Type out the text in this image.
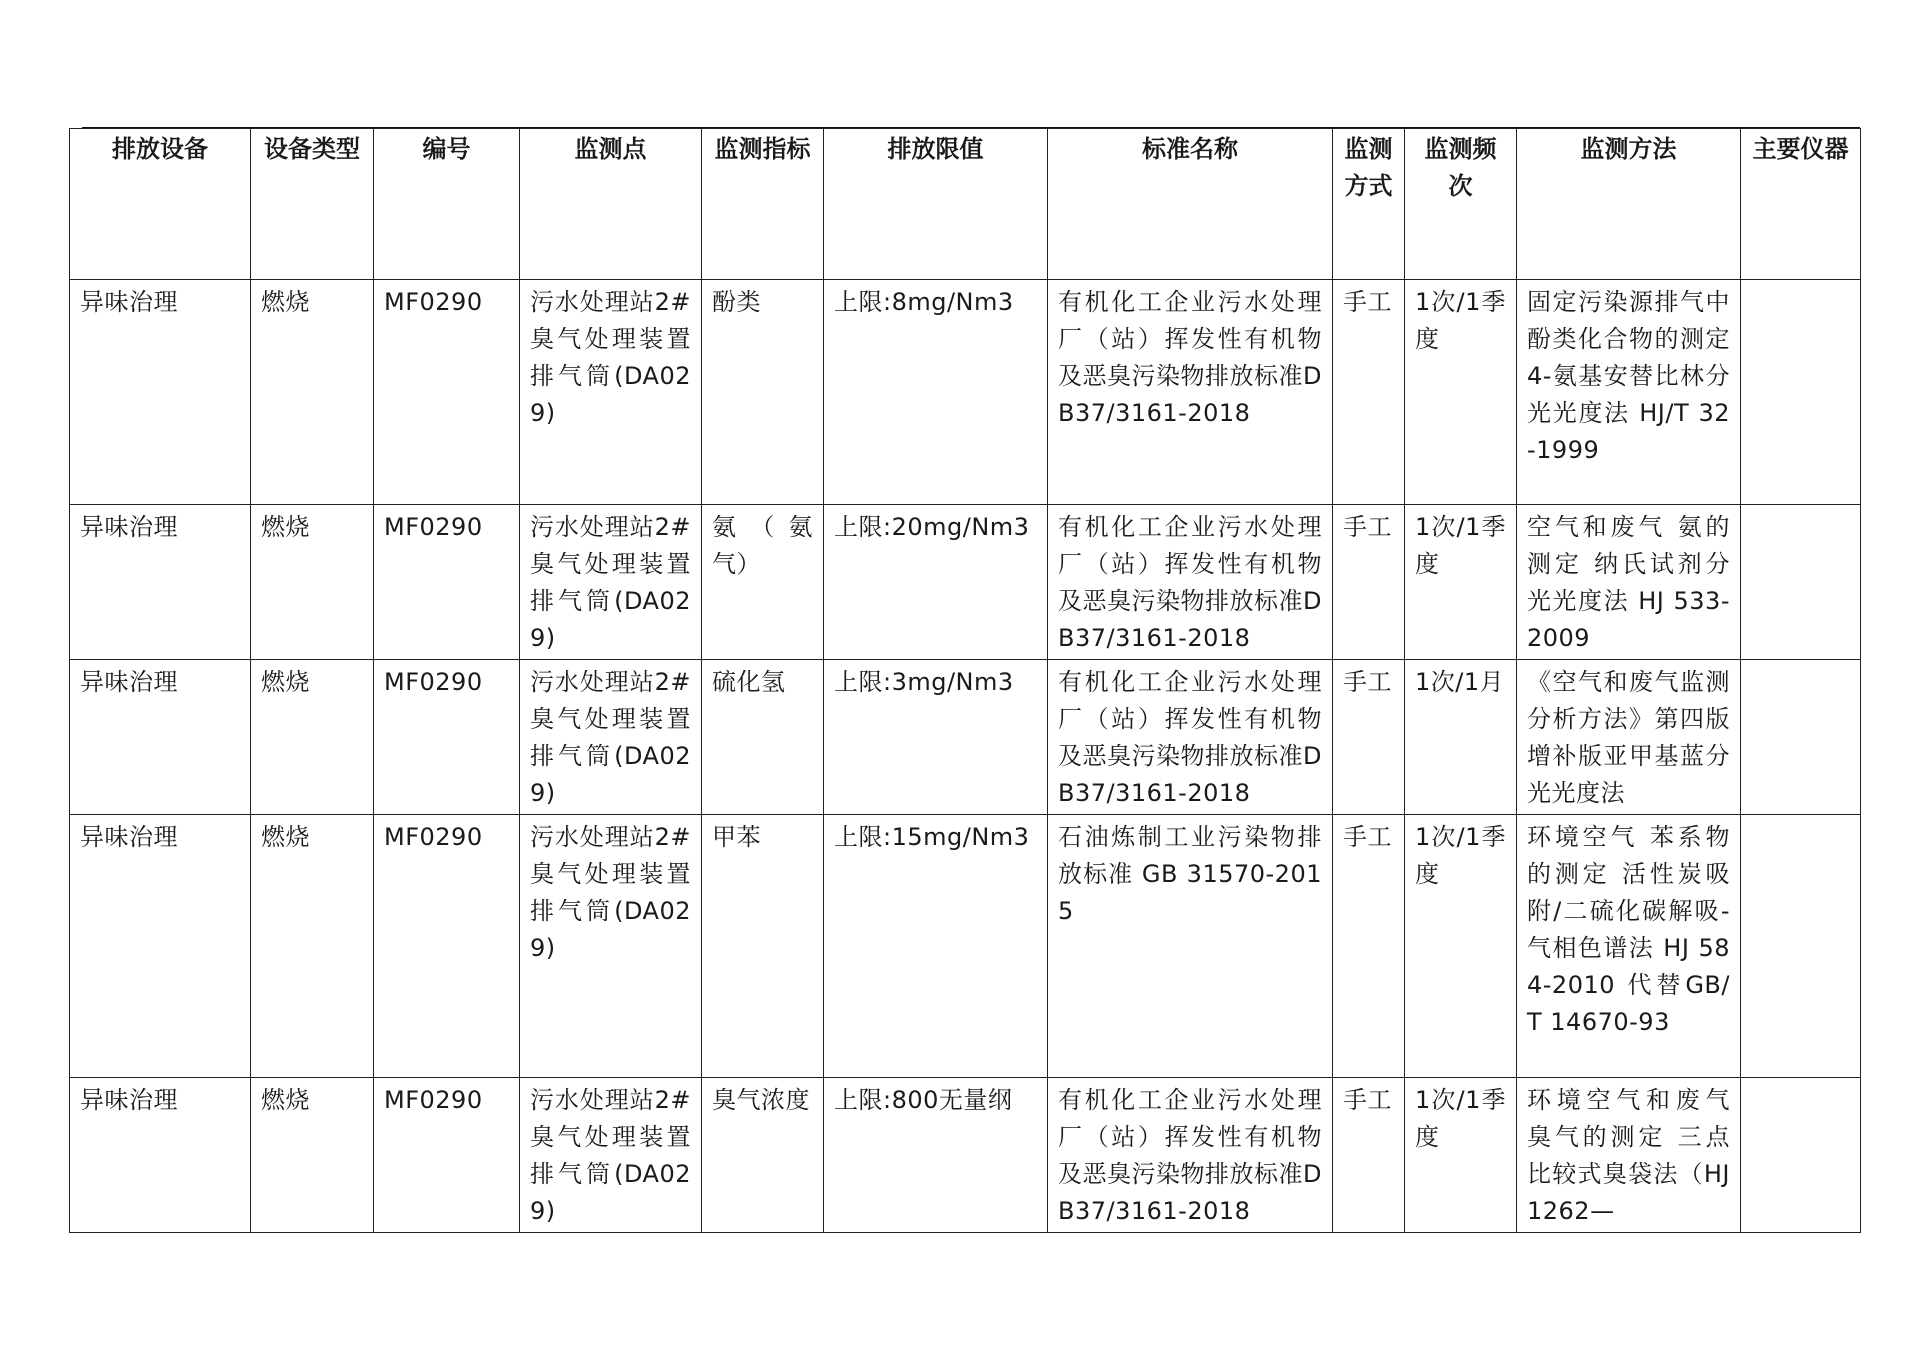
排放设备	设备类型	编号	监测点	监测指标	排放限值	标准名称	监测方式	监测频次	监测方法	主要仪器
异味治理	燃烧	MF0290	污水处理站2#臭气处理装置排气筒(DA029)	酚类	上限:8mg/Nm3	有机化工企业污水处理厂（站）挥发性有机物及恶臭污染物排放标准DB37/3161-2018	手工	1次/1季度	固定污染源排气中酚类化合物的测定 4-氨基安替比林分光光度法 HJ/T 32-1999	
异味治理	燃烧	MF0290	污水处理站2#臭气处理装置排气筒(DA029)	氨（氨气）	上限:20mg/Nm3	有机化工企业污水处理厂（站）挥发性有机物及恶臭污染物排放标准DB37/3161-2018	手工	1次/1季度	空气和废气 氨的测定 纳氏试剂分光光度法 HJ 533-2009	
异味治理	燃烧	MF0290	污水处理站2#臭气处理装置排气筒(DA029)	硫化氢	上限:3mg/Nm3	有机化工企业污水处理厂（站）挥发性有机物及恶臭污染物排放标准DB37/3161-2018	手工	1次/1月	《空气和废气监测分析方法》第四版增补版亚甲基蓝分光光度法	
异味治理	燃烧	MF0290	污水处理站2#臭气处理装置排气筒(DA029)	甲苯	上限:15mg/Nm3	石油炼制工业污染物排放标准 GB 31570-2015	手工	1次/1季度	环境空气 苯系物的测定 活性炭吸附/二硫化碳解吸-气相色谱法 HJ 584-2010 代替GB/T 14670-93	
异味治理	燃烧	MF0290	污水处理站2#臭气处理装置排气筒(DA029)	臭气浓度	上限:800无量纲	有机化工企业污水处理厂（站）挥发性有机物及恶臭污染物排放标准DB37/3161-2018	手工	1次/1季度	环境空气和废气 臭气的测定 三点比较式臭袋法（HJ 1262—	
